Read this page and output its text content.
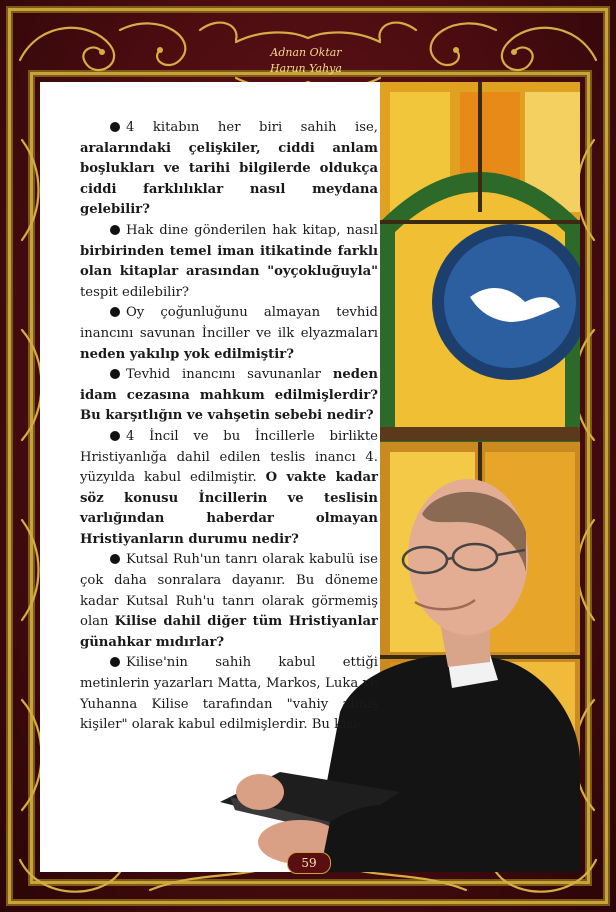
Adnan Oktar
Harun Yahya

4 kitabın her biri sahih ise, aralarındaki çelişkiler, ciddi anlam boşlukları ve tarihi bilgilerde oldukça ciddi farklılıklar nasıl meydana gelebilir?

Hak dine gönderilen hak kitap, nasıl birbirinden temel iman itikatinde farklı olan kitaplar arasından "oyçokluğuyla" tespit edilebilir?

Oy çoğunluğunu almayan tevhid inancını savunan İnciller ve ilk elyazmaları neden yakılıp yok edilmiştir?

Tevhid inancını savunanlar neden idam cezasına mahkum edilmişlerdir? Bu karşıtlığın ve vahşetin sebebi nedir?

4 İncil ve bu İncillerle birlikte Hristiyanlığa dahil edilen teslis inancı 4. yüzyılda kabul edilmiştir. O vakte kadar söz konusu İncillerin ve teslisin varlığından haberdar olmayan Hristiyanların durumu nedir?

Kutsal Ruh'un tanrı olarak kabulü ise çok daha sonralara dayanır. Bu döneme kadar Kutsal Ruh'u tanrı olarak görmemiş olan Kilise dahil diğer tüm Hristiyanlar günahkar mıdırlar?

Kilise'nin sahih kabul ettiği metinlerin yazarları Matta, Markos, Luka ve Yuhanna Kilise tarafından "vahiy almış kişiler" olarak kabul edilmişlerdir. Bu kişi-

59
